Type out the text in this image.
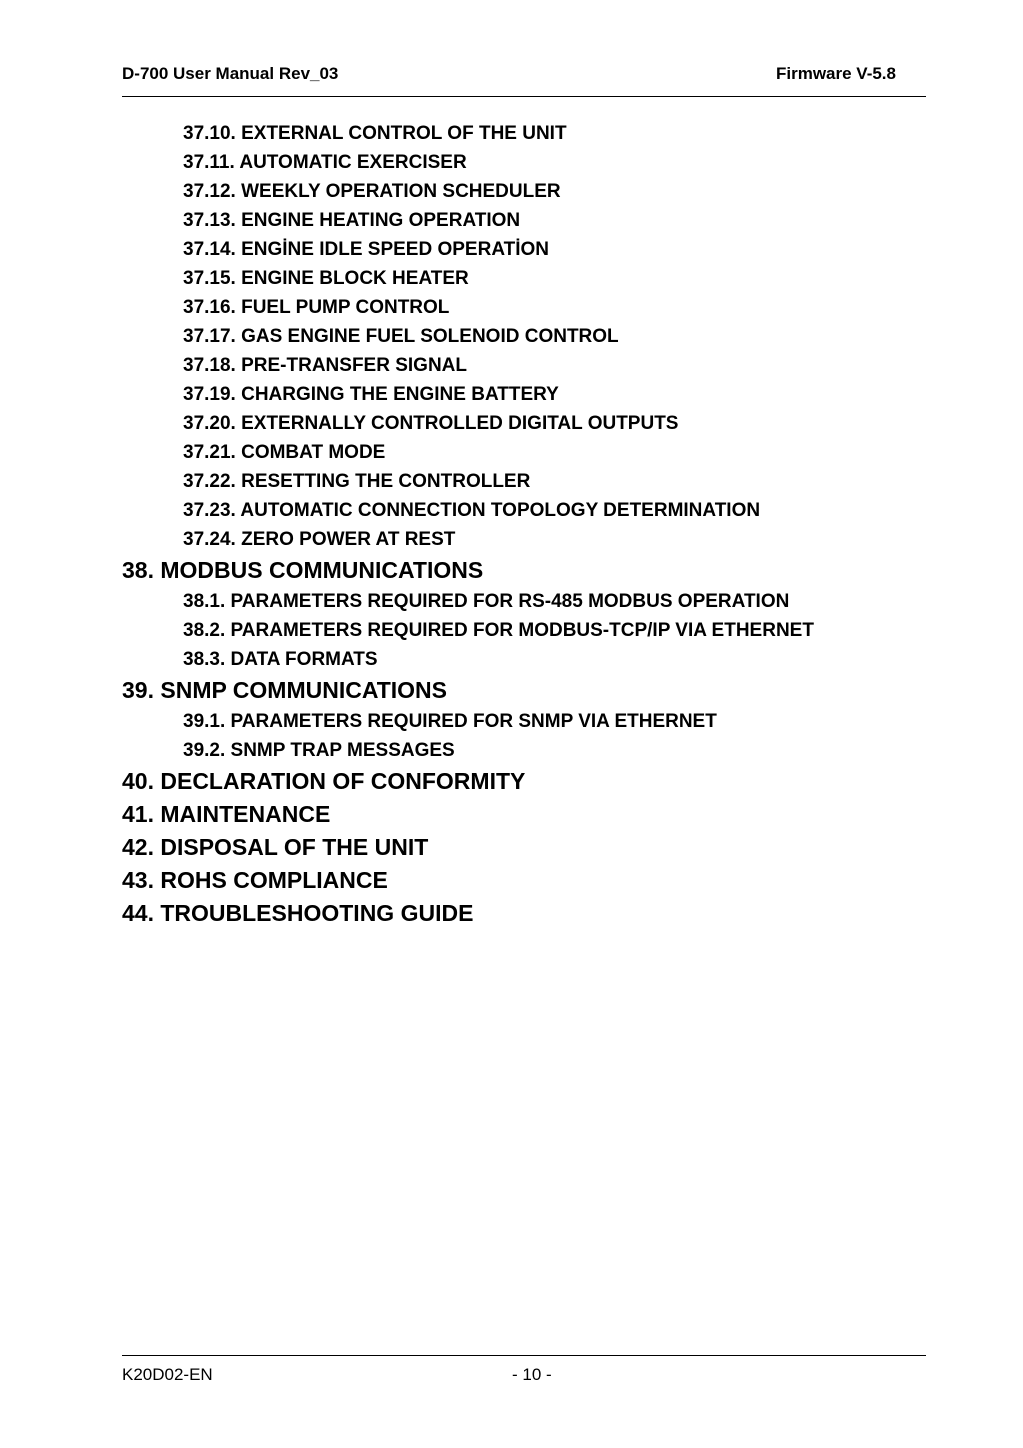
D-700 User Manual Rev_03	Firmware V-5.8
37.10. EXTERNAL CONTROL OF THE UNIT
37.11. AUTOMATIC EXERCISER
37.12. WEEKLY OPERATION SCHEDULER
37.13. ENGINE HEATING OPERATION
37.14. ENGİNE IDLE SPEED OPERATİON
37.15. ENGINE BLOCK HEATER
37.16. FUEL PUMP CONTROL
37.17. GAS ENGINE FUEL SOLENOID CONTROL
37.18. PRE-TRANSFER SIGNAL
37.19. CHARGING THE ENGINE BATTERY
37.20. EXTERNALLY CONTROLLED DIGITAL OUTPUTS
37.21. COMBAT MODE
37.22. RESETTING THE CONTROLLER
37.23. AUTOMATIC CONNECTION TOPOLOGY DETERMINATION
37.24. ZERO POWER AT REST
38. MODBUS COMMUNICATIONS
38.1. PARAMETERS REQUIRED FOR RS-485 MODBUS OPERATION
38.2. PARAMETERS REQUIRED FOR MODBUS-TCP/IP VIA ETHERNET
38.3. DATA FORMATS
39. SNMP COMMUNICATIONS
39.1. PARAMETERS REQUIRED FOR SNMP VIA ETHERNET
39.2. SNMP TRAP MESSAGES
40. DECLARATION OF CONFORMITY
41. MAINTENANCE
42. DISPOSAL OF THE UNIT
43. ROHS COMPLIANCE
44. TROUBLESHOOTING GUIDE
K20D02-EN	- 10 -
